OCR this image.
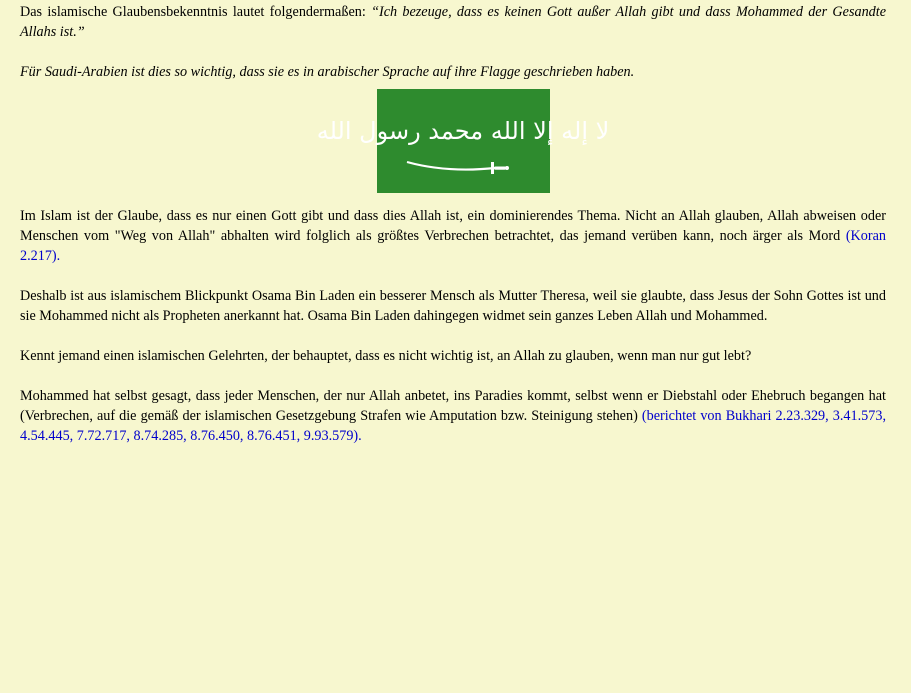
Das islamische Glaubensbekenntnis lautet folgendermaßen: “Ich bezeuge, dass es keinen Gott außer Allah gibt und dass Mohammed der Gesandte Allahs ist.”

Für Saudi-Arabien ist dies so wichtig, dass sie es in arabischer Sprache auf ihre Flagge geschrieben haben.

لا إله إلا الله محمد رسول الله

Im Islam ist der Glaube, dass es nur einen Gott gibt und dass dies Allah ist, ein dominierendes Thema. Nicht an Allah glauben, Allah abweisen oder Menschen vom "Weg von Allah" abhalten wird folglich als größtes Verbrechen betrachtet, das jemand verüben kann, noch ärger als Mord (Koran 2.217).

Deshalb ist aus islamischem Blickpunkt Osama Bin Laden ein besserer Mensch als Mutter Theresa, weil sie glaubte, dass Jesus der Sohn Gottes ist und sie Mohammed nicht als Propheten anerkannt hat. Osama Bin Laden dahingegen widmet sein ganzes Leben Allah und Mohammed.

Kennt jemand einen islamischen Gelehrten, der behauptet, dass es nicht wichtig ist, an Allah zu glauben, wenn man nur gut lebt?

Mohammed hat selbst gesagt, dass jeder Menschen, der nur Allah anbetet, ins Paradies kommt, selbst wenn er Diebstahl oder Ehebruch begangen hat (Verbrechen, auf die gemäß der islamischen Gesetzgebung Strafen wie Amputation bzw. Steinigung stehen) (berichtet von Bukhari 2.23.329, 3.41.573, 4.54.445, 7.72.717, 8.74.285, 8.76.450, 8.76.451, 9.93.579).
